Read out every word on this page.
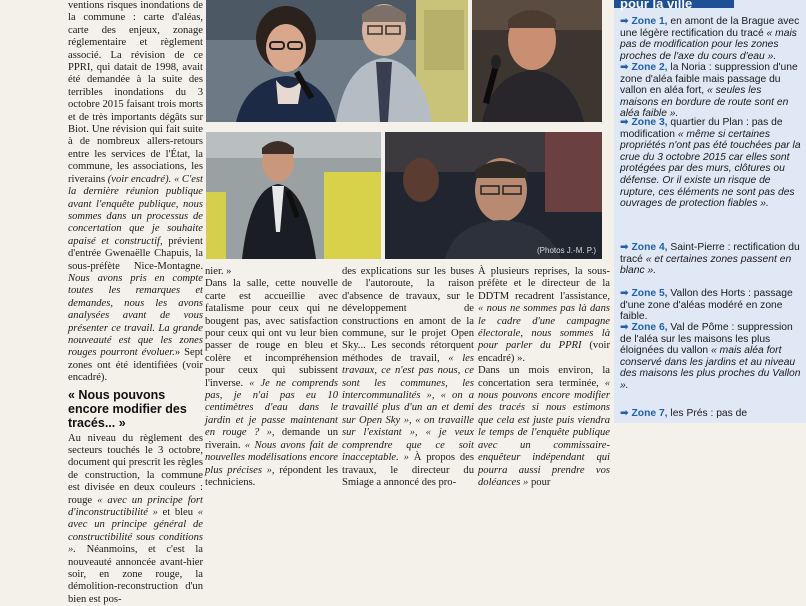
ventions risques inondations de la commune : carte d'aléas, carte des enjeux, zonage réglementaire et règlement associé. La révision de ce PPRI, qui datait de 1998, avait été demandée à la suite des terribles inondations du 3 octobre 2015 faisant trois morts et de très importants dégâts sur Biot. Une révision qui fait suite à de nombreux allers-retours entre les services de l'État, la commune, les associations, les riverains (voir encadré). « C'est la dernière réunion publique avant l'enquête publique, nous sommes dans un processus de concertation que je souhaite apaisé et constructif, prévient d'entrée Gwenaëlle Chapuis, la sous-préfète Nice-Montagne. Nous avons pris en compte toutes les remarques et demandes, nous les avons analysées avant de vous présenter ce travail. La grande nouveauté est que les zones rouges pourront évoluer.» Sept zones ont été identifiées (voir encadré).

« Nous pouvons encore modifier des tracés... »

Au niveau du règlement des secteurs touchés le 3 octobre, document qui prescrit les règles de construction, la commune est divisée en deux couleurs : rouge « avec un principe fort d'inconstructibilité » et bleu « avec un principe général de constructibilité sous conditions ». Néanmoins, et c'est la nouveauté annoncée avant-hier soir, en zone rouge, la démolition-reconstruction d'un bien est pos-

(Photos J.-M. P.)

nier. »

Dans la salle, cette nouvelle carte est accueillie avec fatalisme pour ceux qui ne bougent pas, avec satisfaction pour ceux qui ont vu leur bien passer de rouge en bleu et colère et incompréhension pour ceux qui subissent l'inverse. « Je ne comprends pas, je n'ai pas eu 10 centimètres d'eau dans le jardin et je passe maintenant en rouge ? », demande un riverain. « Nous avons fait de nouvelles modélisations encore plus précises », répondent les techniciens.

des explications sur les buses de l'autoroute, la raison d'absence de travaux, sur le développement de constructions en amont de la commune, sur le projet Open Sky... Les seconds rétorquent méthodes de travail, « les travaux, ce n'est pas nous, ce sont les communes, les intercommunalités », « on a travaillé plus d'un an et demi sur Open Sky », « on travaille sur l'existant », « je veux comprendre que ce soit inacceptable. » À propos des travaux, le directeur du Smiage a annoncé des pro-

À plusieurs reprises, la sous-préfète et le directeur de la DDTM recadrent l'assistance, « nous ne sommes pas là dans le cadre d'une campagne électorale, nous sommes là pour parler du PPRI (voir encadré) ».

Dans un mois environ, la concertation sera terminée, « nous pouvons encore modifier des tracés si nous estimons que cela est juste puis viendra le temps de l'enquête publique avec un commissaire-enquêteur indépendant qui pourra aussi prendre vos doléances » pour

pour la ville
➡ Zone 1, en amont de la Brague avec une légère rectification du tracé « mais pas de modification pour les zones proches de l'axe du cours d'eau ».
➡ Zone 2, la Noria : suppression d'une zone d'aléa faible mais passage du vallon en aléa fort, « seules les maisons en bordure de route sont en aléa faible ».
➡ Zone 3, quartier du Plan : pas de modification « même si certaines propriétés n'ont pas été touchées par la crue du 3 octobre 2015 car elles sont protégées par des murs, clôtures ou défense. Or il existe un risque de rupture, ces éléments ne sont pas des ouvrages de protection fiables ».
➡ Zone 4, Saint-Pierre : rectification du tracé « et certaines zones passent en blanc ».
➡ Zone 5, Vallon des Horts : passage d'une zone d'aléas modéré en zone faible.
➡ Zone 6, Val de Pôme : suppression de l'aléa sur les maisons les plus éloignées du vallon « mais aléa fort conservé dans les jardins et au niveau des maisons les plus proches du Vallon ».
➡ Zone 7, les Prés : pas de
